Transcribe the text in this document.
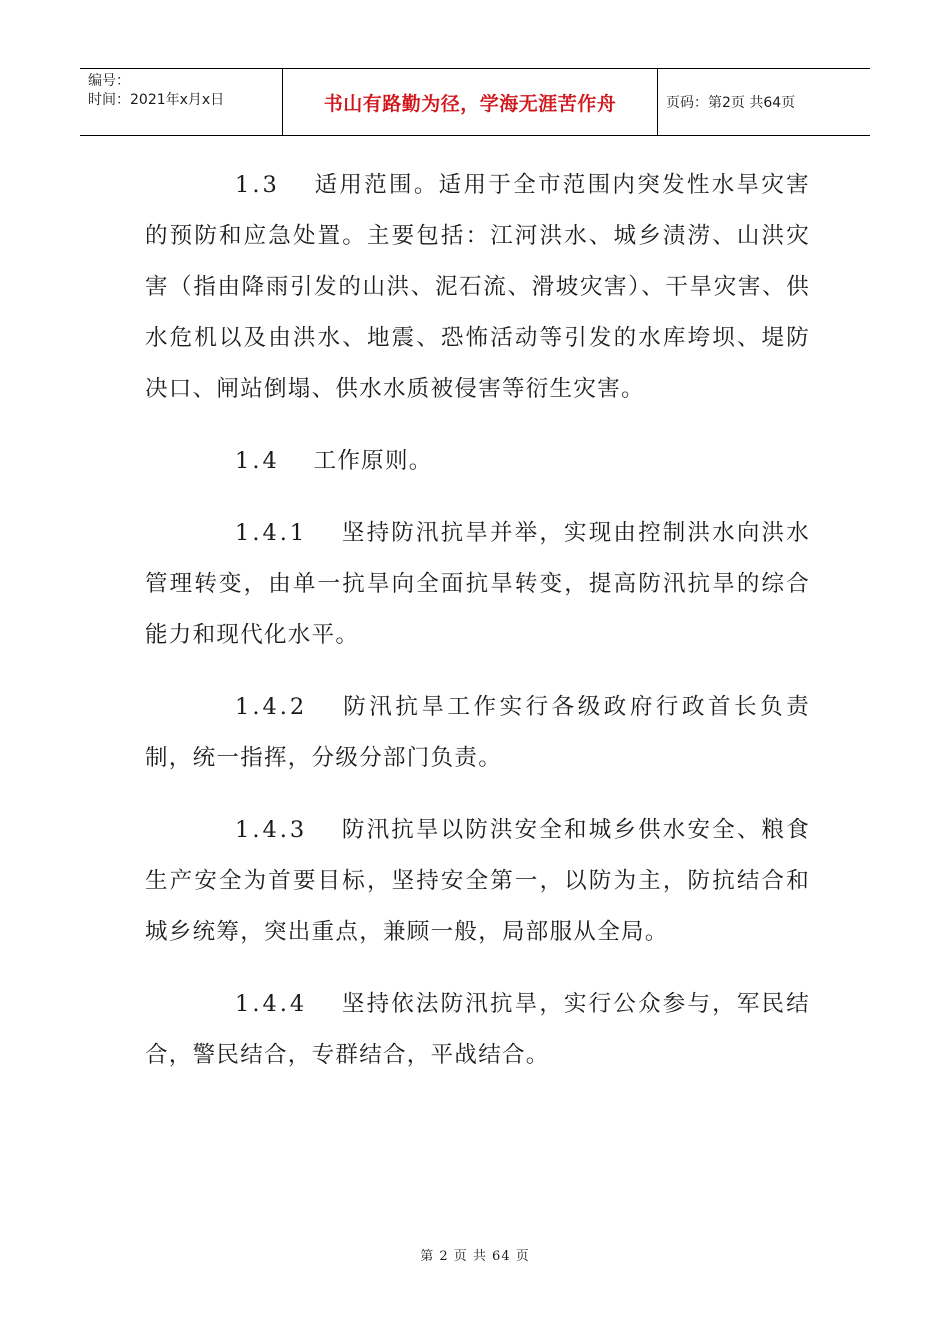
编号：
时间：2021年x月x日	书山有路勤为径，学海无涯苦作舟	页码：第2页 共64页

1.3 适用范围。适用于全市范围内突发性水旱灾害的预防和应急处置。主要包括：江河洪水、城乡渍涝、山洪灾害（指由降雨引发的山洪、泥石流、滑坡灾害）、干旱灾害、供水危机以及由洪水、地震、恐怖活动等引发的水库垮坝、堤防决口、闸站倒塌、供水水质被侵害等衍生灾害。

1.4 工作原则。

1.4.1 坚持防汛抗旱并举，实现由控制洪水向洪水管理转变，由单一抗旱向全面抗旱转变，提高防汛抗旱的综合能力和现代化水平。

1.4.2 防汛抗旱工作实行各级政府行政首长负责制，统一指挥，分级分部门负责。

1.4.3 防汛抗旱以防洪安全和城乡供水安全、粮食生产安全为首要目标，坚持安全第一，以防为主，防抗结合和城乡统筹，突出重点，兼顾一般，局部服从全局。

1.4.4 坚持依法防汛抗旱，实行公众参与，军民结合，警民结合，专群结合，平战结合。

第 2 页 共 64 页
